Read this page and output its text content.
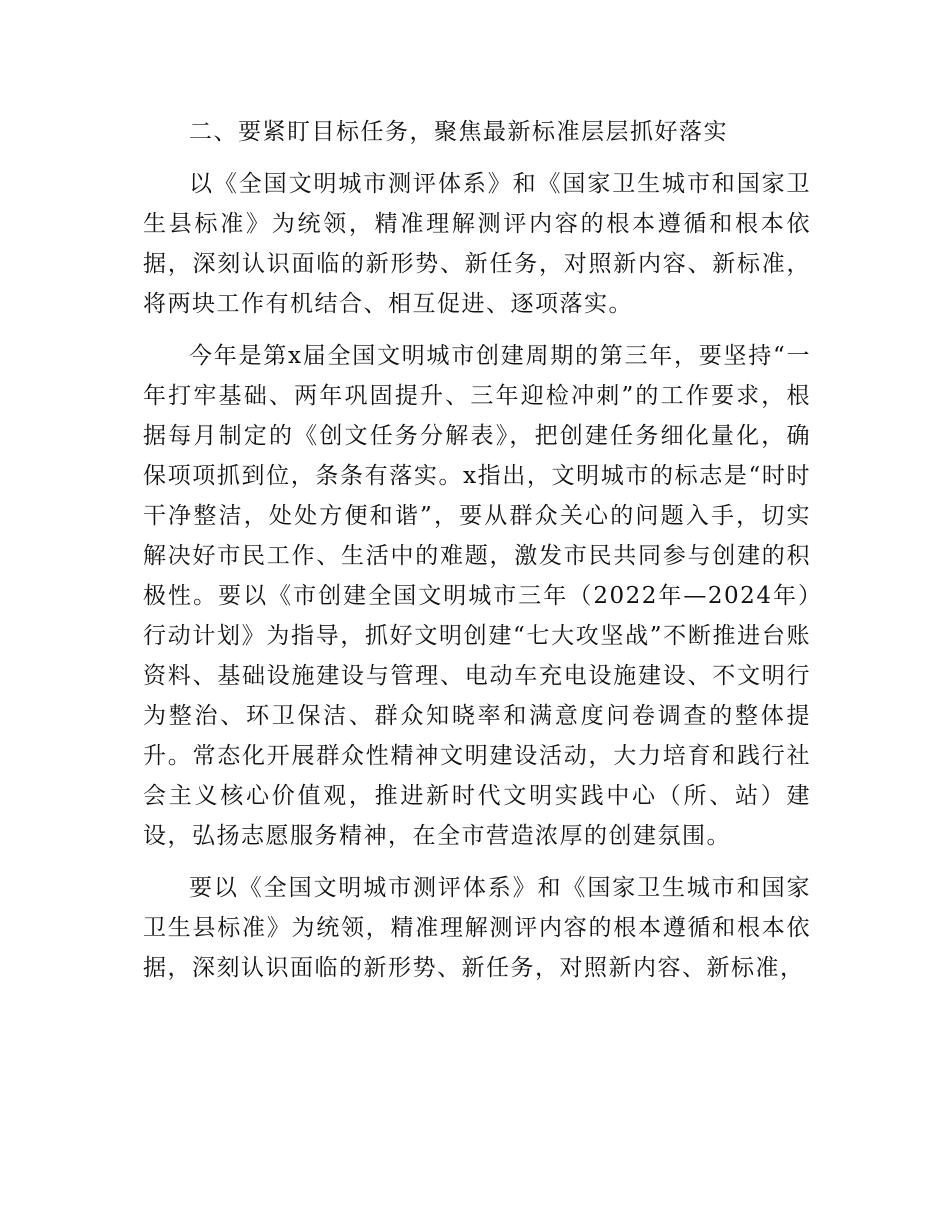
二、要紧盯目标任务，聚焦最新标准层层抓好落实

以《全国文明城市测评体系》和《国家卫生城市和国家卫生县标准》为统领，精准理解测评内容的根本遵循和根本依据，深刻认识面临的新形势、新任务，对照新内容、新标准，将两块工作有机结合、相互促进、逐项落实。

今年是第x届全国文明城市创建周期的第三年，要坚持“一年打牢基础、两年巩固提升、三年迎检冲刺”的工作要求，根据每月制定的《创文任务分解表》，把创建任务细化量化，确保项项抓到位，条条有落实。x指出，文明城市的标志是“时时干净整洁，处处方便和谐”，要从群众关心的问题入手，切实解决好市民工作、生活中的难题，激发市民共同参与创建的积极性。要以《市创建全国文明城市三年（2022年—2024年）行动计划》为指导，抓好文明创建“七大攻坚战”不断推进台账资料、基础设施建设与管理、电动车充电设施建设、不文明行为整治、环卫保洁、群众知晓率和满意度问卷调查的整体提升。常态化开展群众性精神文明建设活动，大力培育和践行社会主义核心价值观，推进新时代文明实践中心（所、站）建设，弘扬志愿服务精神，在全市营造浓厚的创建氛围。

要以《全国文明城市测评体系》和《国家卫生城市和国家卫生县标准》为统领，精准理解测评内容的根本遵循和根本依据，深刻认识面临的新形势、新任务，对照新内容、新标准，
